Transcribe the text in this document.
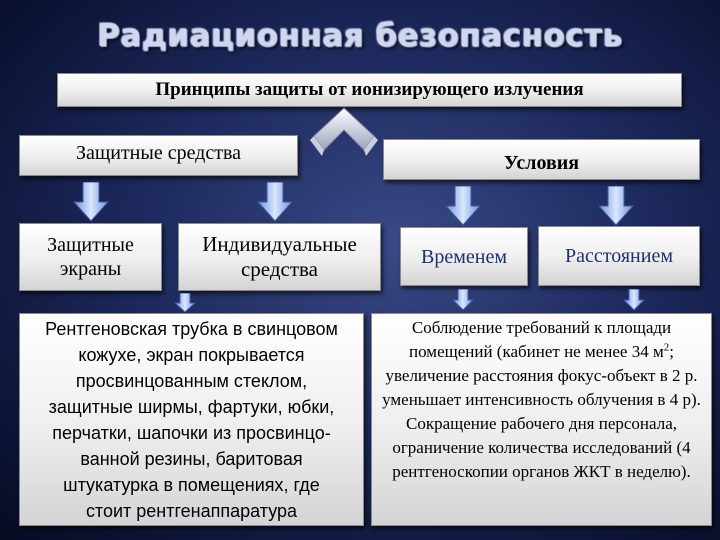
Радиационная безопасность
Принципы защиты от ионизирующего излучения
Защитные средства	Условия
Защитные
экраны
Индивидуальные
средства
Временем	Расстоянием
Рентгеновская трубка в свинцовом
кожухе, экран покрывается
просвинцованным стеклом,
защитные ширмы, фартуки, юбки,
перчатки, шапочки из просвинцо-
ванной резины, баритовая
штукатурка в помещениях, где
стоит рентгенаппаратура

Соблюдение требований к площади помещений (кабинет не менее 34 $м^2$; увеличение расстояния фокус-объект в 2 р. уменьшает интенсивность облучения в 4 р).

Сокращение рабочего дня персонала, ограничение количества исследований (4 рентгеноскопии органов ЖКТ в неделю).
